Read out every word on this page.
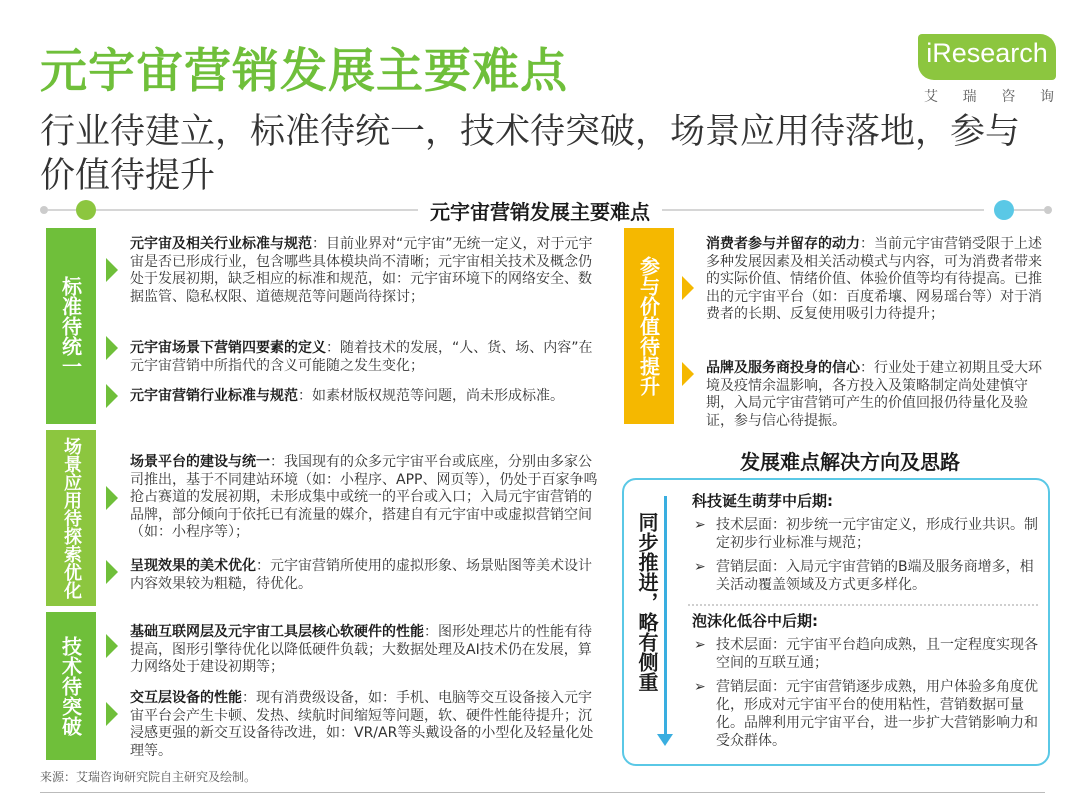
元宇宙营销发展主要难点
行业待建立，标准待统一，技术待突破，场景应用待落地，参与价值待提升
iResearch
艾 瑞 咨 询
元宇宙营销发展主要难点
标准待统一
元宇宙及相关行业标准与规范：目前业界对“元宇宙”无统一定义，对于元宇宙是否已形成行业，包含哪些具体模块尚不清晰；元宇宙相关技术及概念仍处于发展初期，缺乏相应的标准和规范，如：元宇宙环境下的网络安全、数据监管、隐私权限、道德规范等问题尚待探讨；
元宇宙场景下营销四要素的定义：随着技术的发展，“人、货、场、内容”在元宇宙营销中所指代的含义可能随之发生变化；
元宇宙营销行业标准与规范：如素材版权规范等问题，尚未形成标准。
场景应用待探索优化	场景平台的建设与统一：我国现有的众多元宇宙平台或底座，分别由多家公司推出，基于不同建站环境（如：小程序、APP、网页等），仍处于百家争鸣抢占赛道的发展初期，未形成集中或统一的平台或入口；入局元宇宙营销的品牌，部分倾向于依托已有流量的媒介，搭建自有元宇宙中或虚拟营销空间（如：小程序等）；
呈现效果的美术优化：元宇宙营销所使用的虚拟形象、场景贴图等美术设计内容效果较为粗糙，待优化。
技术待突破
基础互联网层及元宇宙工具层核心软硬件的性能：图形处理芯片的性能有待提高，图形引擎待优化以降低硬件负载；大数据处理及AI技术仍在发展，算力网络处于建设初期等；
交互层设备的性能：现有消费级设备，如：手机、电脑等交互设备接入元宇宙平台会产生卡顿、发热、续航时间缩短等问题，软、硬件性能待提升；沉浸感更强的新交互设备待改进，如：VR/AR等头戴设备的小型化及轻量化处理等。
参与价值待提升
消费者参与并留存的动力：当前元宇宙营销受限于上述多种发展因素及相关活动模式与内容，可为消费者带来的实际价值、情绪价值、体验价值等均有待提高。已推出的元宇宙平台（如：百度希壤、网易瑶台等）对于消费者的长期、反复使用吸引力待提升；
品牌及服务商投身的信心：行业处于建立初期且受大环境及疫情余温影响，各方投入及策略制定尚处建慎守期，入局元宇宙营销可产生的价值回报仍待量化及验证，参与信心待提振。
发展难点解决方向及思路
同步推进，略有侧重
科技诞生萌芽中后期:
➢ 技术层面：初步统一元宇宙定义，形成行业共识。制定初步行业标准与规范；
➢ 营销层面：入局元宇宙营销的B端及服务商增多，相关活动覆盖领域及方式更多样化。
泡沫化低谷中后期:
➢ 技术层面：元宇宙平台趋向成熟，且一定程度实现各空间的互联互通；
➢ 营销层面：元宇宙营销逐步成熟，用户体验多角度优化，形成对元宇宙平台的使用粘性，营销数据可量化。品牌利用元宇宙平台，进一步扩大营销影响力和受众群体。
来源：艾瑞咨询研究院自主研究及绘制。
